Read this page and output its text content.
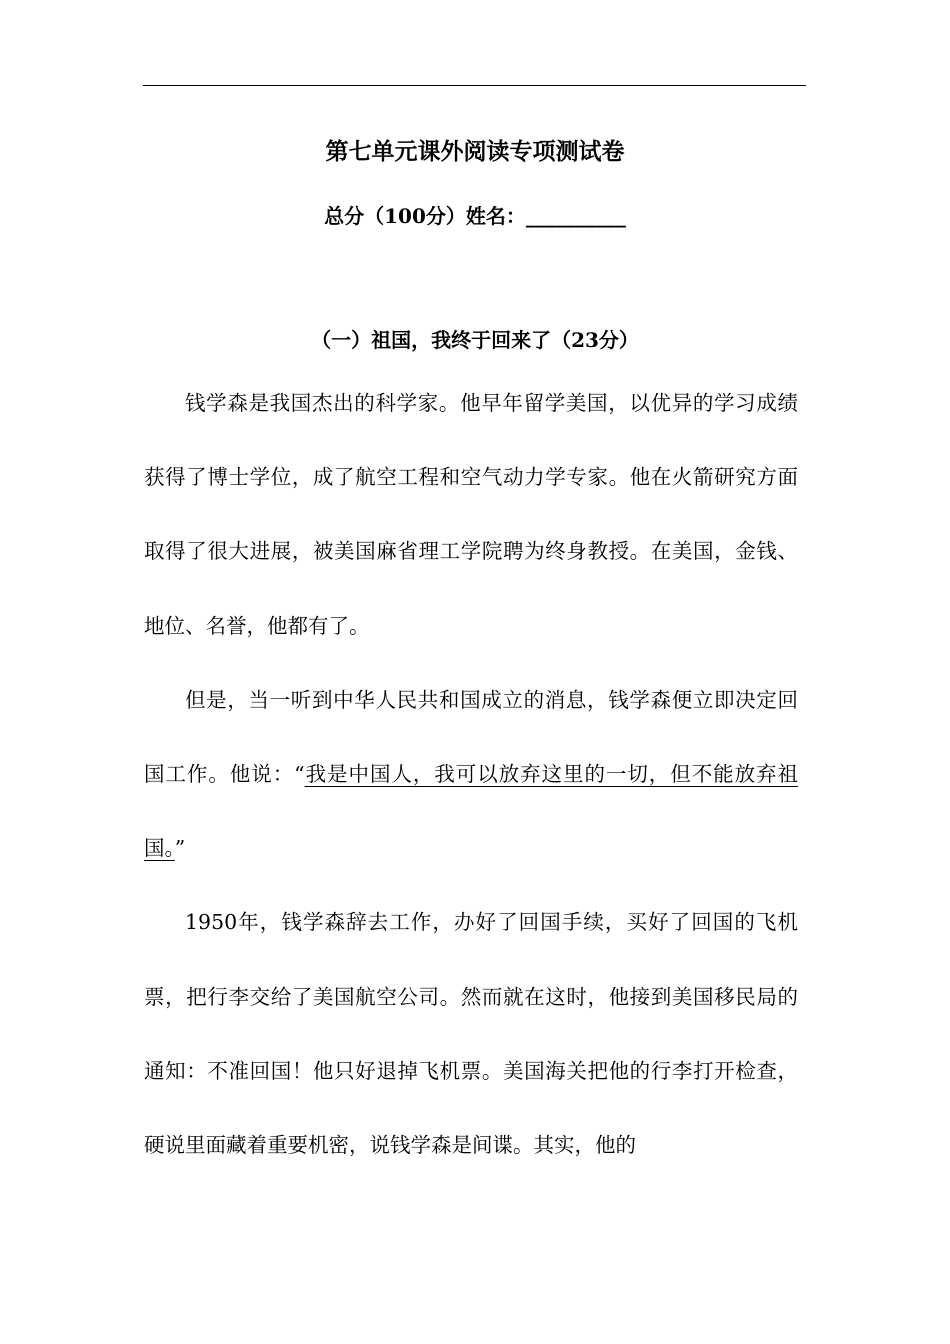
第七单元课外阅读专项测试卷
总分（100分）姓名：__________
（一）祖国，我终于回来了（23分）

钱学森是我国杰出的科学家。他早年留学美国，以优异的学习成绩获得了博士学位，成了航空工程和空气动力学专家。他在火箭研究方面取得了很大进展，被美国麻省理工学院聘为终身教授。在美国，金钱、地位、名誉，他都有了。

但是，当一听到中华人民共和国成立的消息，钱学森便立即决定回国工作。他说：“我是中国人，我可以放弃这里的一切，但不能放弃祖国。”

1950年，钱学森辞去工作，办好了回国手续，买好了回国的飞机票，把行李交给了美国航空公司。然而就在这时，他接到美国移民局的通知：不准回国！他只好退掉飞机票。美国海关把他的行李打开检查，硬说里面藏着重要机密，说钱学森是间谍。其实，他的
